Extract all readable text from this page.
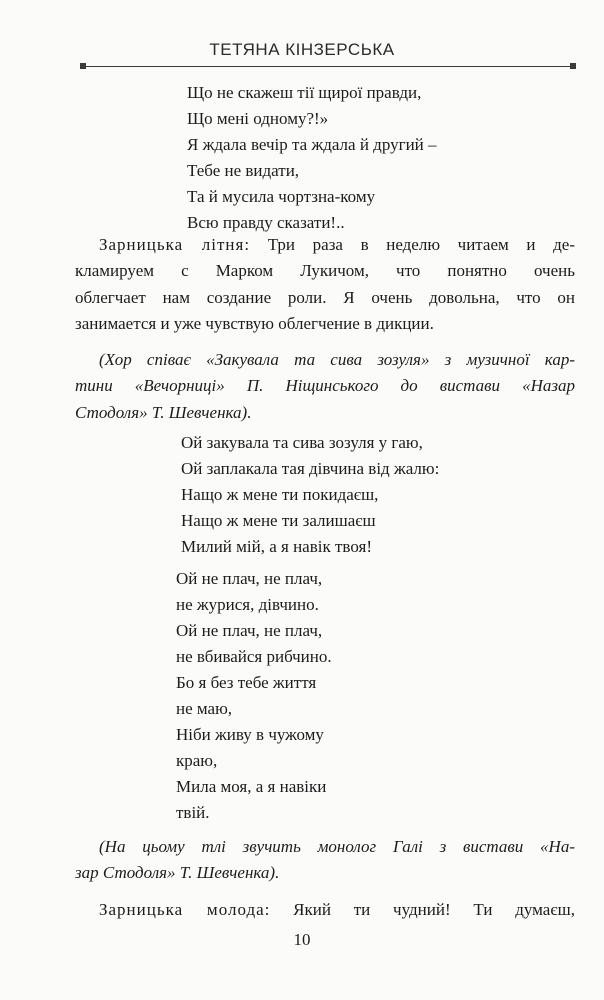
ТЕТЯНА КІНЗЕРСЬКА
Що не скажеш тії щирої правди,
Що мені одному?!»
Я ждала вечір та ждала й другий –
Тебе не видати,
Та й мусила чортзна-кому
Всю правду сказати!..
Зарницька літня: Три раза в неделю читаем и де-
кламируем с Марком Лукичом, что понятно очень
облегчает нам создание роли. Я очень довольна, что он
занимается и уже чувствую облегчение в дикции.
(Хор співає «Закувала та сива зозуля» з музичної кар-
тини «Вечорниці» П. Ніщинського до вистави «Назар
Стодоля» Т. Шевченка).
Ой закувала та сива зозуля у гаю,
Ой заплакала тая дівчина від жалю:
Нащо ж мене ти покидаєш,
Нащо ж мене ти залишаєш
Милий мій, а я навік твоя!
Ой не плач, не плач,
не журися, дівчино.
Ой не плач, не плач,
не вбивайся рибчино.
Бо я без тебе життя
не маю,
Ніби живу в чужому
краю,
Мила моя, а я навіки
твій.
(На цьому тлі звучить монолог Галі з вистави «На-
зар Стодоля» Т. Шевченка).
Зарницька молода: Який ти чудний! Ти думаєш,
10
